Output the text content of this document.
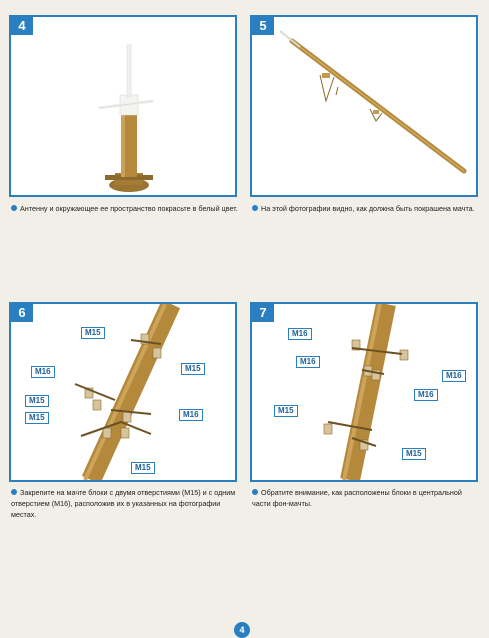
4
Антенну и окружающее ее пространство покрасьте в белый цвет.
5
На этой фотографии видно, как должна быть покрашена мачта.
6
M15
M15
M16
M15
M15	M16
M15
Закрепите на мачте блоки с двумя отверстиями (M15) и с одним отверстием (M16), расположив их в указанных на фотографии местах.
7
M16
M16
M16
M16
M15
M15
Обратите внимание, как расположены блоки в центральной части фон-мачты.
4
